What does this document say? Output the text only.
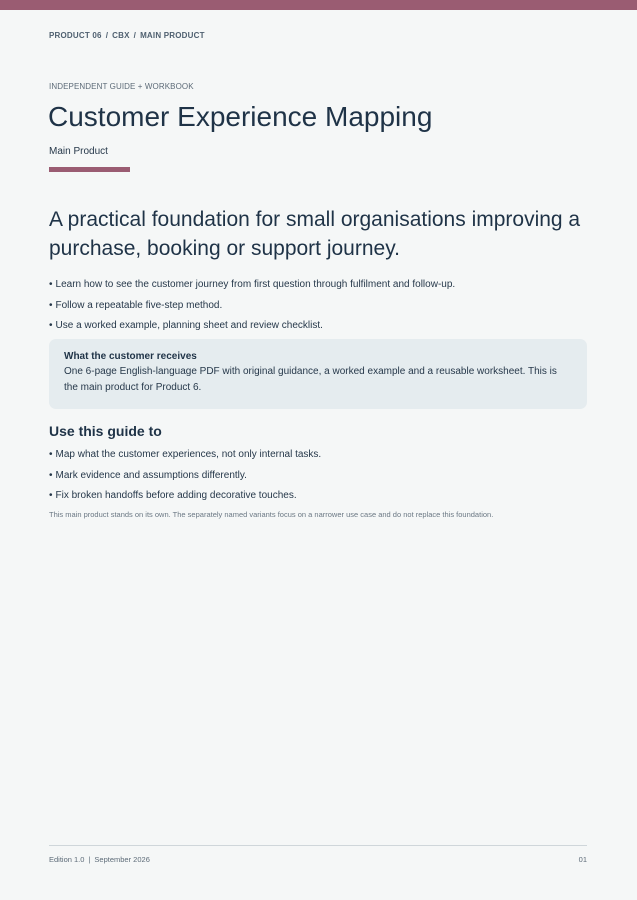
PRODUCT 06 / CBX / MAIN PRODUCT
INDEPENDENT GUIDE + WORKBOOK
Customer Experience Mapping
Main Product

A practical foundation for small organisations improving a purchase, booking or support journey.

• Learn how to see the customer journey from first question through fulfilment and follow-up.
• Follow a repeatable five-step method.
• Use a worked example, planning sheet and review checklist.
What the customer receives
One 6-page English-language PDF with original guidance, a worked example and a reusable worksheet. This is the main product for Product 6.
Use this guide to
• Map what the customer experiences, not only internal tasks.
• Mark evidence and assumptions differently.
• Fix broken handoffs before adding decorative touches.
This main product stands on its own. The separately named variants focus on a narrower use case and do not replace this foundation.
Edition 1.0 | September 2026	01
